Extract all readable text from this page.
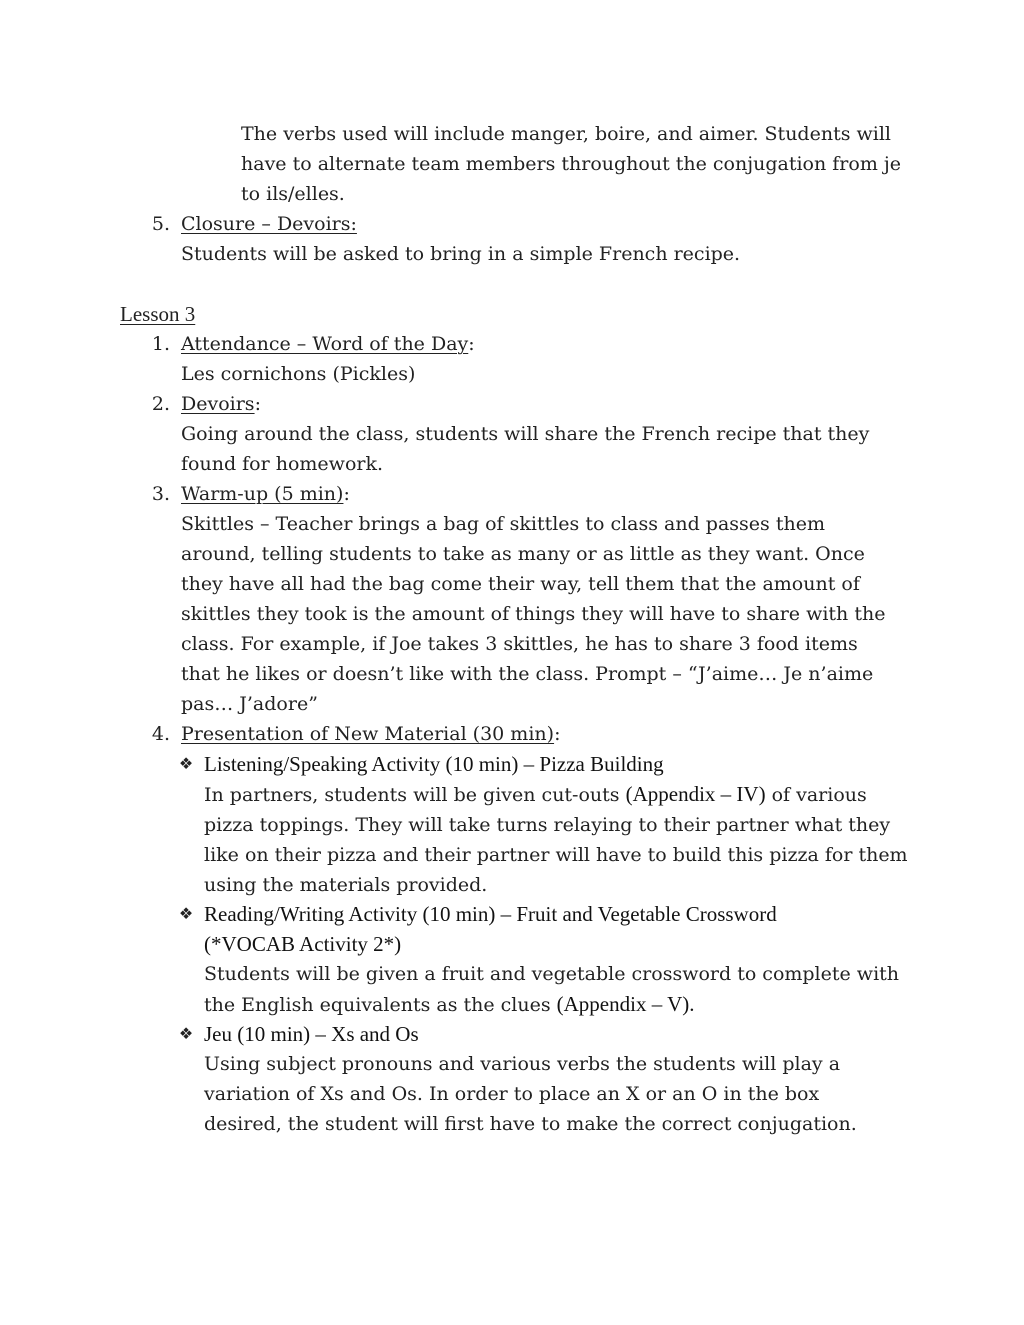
The verbs used will include manger, boire, and aimer. Students will
have to alternate team members throughout the conjugation from je
to ils/elles.
5. Closure – Devoirs:
Students will be asked to bring in a simple French recipe.
Lesson 3
1. Attendance – Word of the Day:
Les cornichons (Pickles)
2. Devoirs:
Going around the class, students will share the French recipe that they
found for homework.
3. Warm-up (5 min):
Skittles – Teacher brings a bag of skittles to class and passes them
around, telling students to take as many or as little as they want. Once
they have all had the bag come their way, tell them that the amount of
skittles they took is the amount of things they will have to share with the
class. For example, if Joe takes 3 skittles, he has to share 3 food items
that he likes or doesn’t like with the class. Prompt – “J’aime… Je n’aime
pas… J’adore”
4. Presentation of New Material (30 min):
❖ Listening/Speaking Activity (10 min) – Pizza Building
In partners, students will be given cut-outs (Appendix – IV) of various
pizza toppings. They will take turns relaying to their partner what they
like on their pizza and their partner will have to build this pizza for them
using the materials provided.
❖ Reading/Writing Activity (10 min) – Fruit and Vegetable Crossword
(*VOCAB Activity 2*)
Students will be given a fruit and vegetable crossword to complete with
the English equivalents as the clues (Appendix – V).
❖ Jeu (10 min) – Xs and Os
Using subject pronouns and various verbs the students will play a
variation of Xs and Os. In order to place an X or an O in the box
desired, the student will first have to make the correct conjugation.
